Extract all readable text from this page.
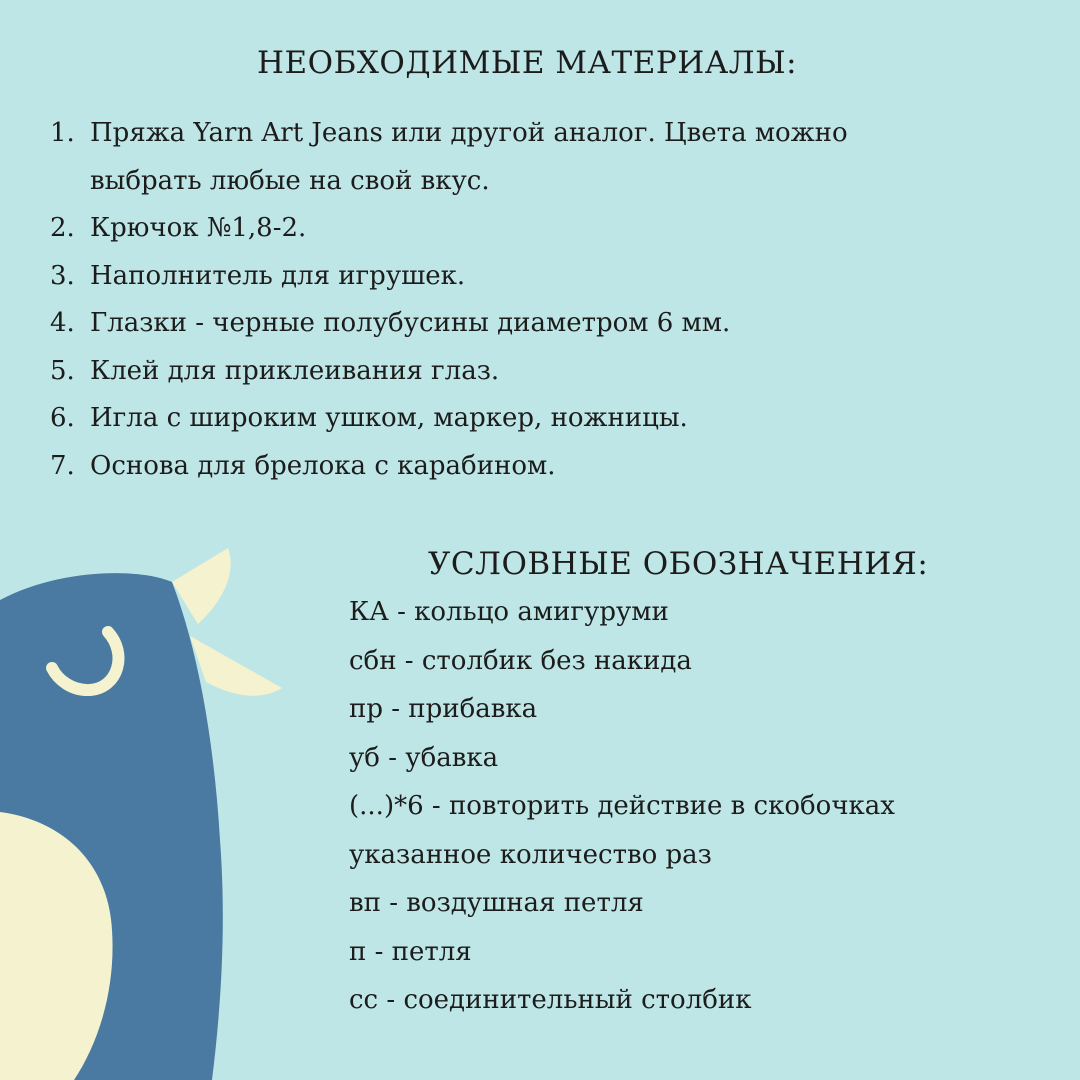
НЕОБХОДИМЫЕ МАТЕРИАЛЫ:
1. Пряжа Yarn Art Jeans или другой аналог. Цвета можно
выбрать любые на свой вкус.
2. Крючок №1,8-2.
3. Наполнитель для игрушек.
4. Глазки - черные полубусины диаметром 6 мм.
5. Клей для приклеивания глаз.
6. Игла с широким ушком, маркер, ножницы.
7. Основа для брелока с карабином.
УСЛОВНЫЕ ОБОЗНАЧЕНИЯ:
КА - кольцо амигуруми
сбн - столбик без накида
пр - прибавка
уб - убавка
(...)*6 - повторить действие в скобочках
указанное количество раз
вп - воздушная петля
п - петля
сс - соединительный столбик
